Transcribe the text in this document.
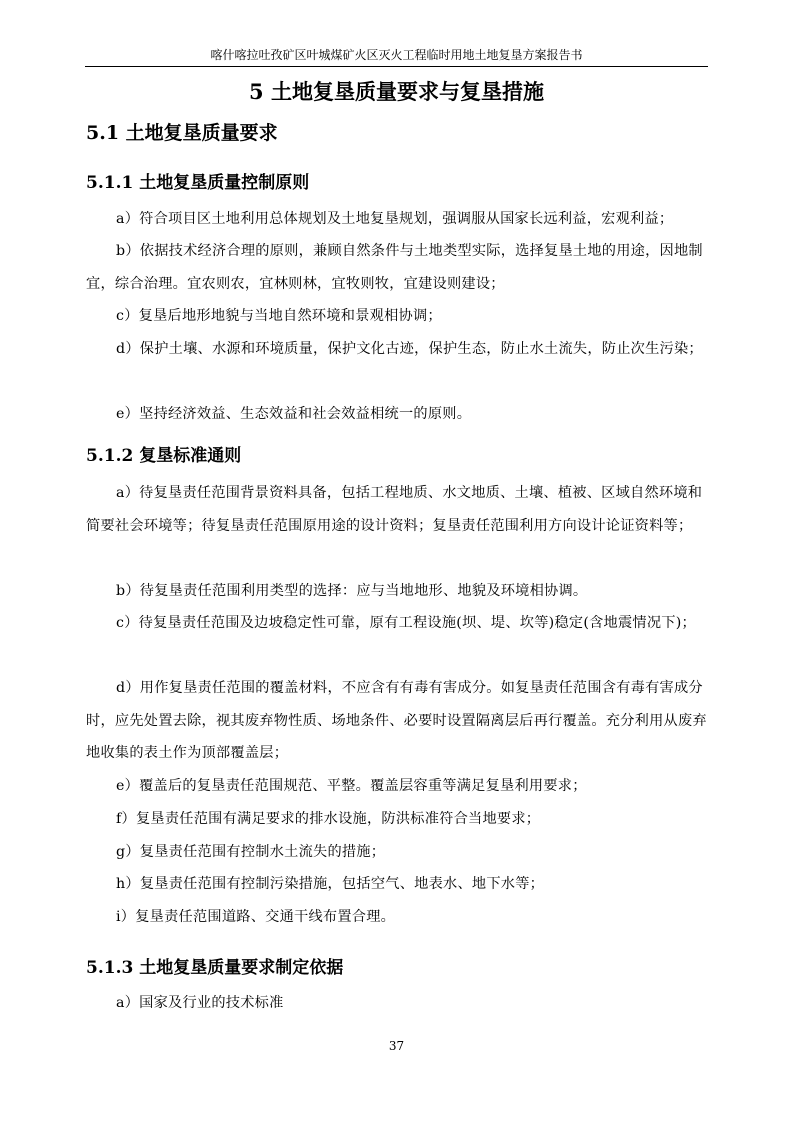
喀什喀拉吐孜矿区叶城煤矿火区灭火工程临时用地土地复垦方案报告书
5 土地复垦质量要求与复垦措施
5.1 土地复垦质量要求
5.1.1 土地复垦质量控制原则
a）符合项目区土地利用总体规划及土地复垦规划，强调服从国家长远利益，宏观利益；
b）依据技术经济合理的原则，兼顾自然条件与土地类型实际，选择复垦土地的用途，因地制宜，综合治理。宜农则农，宜林则林，宜牧则牧，宜建设则建设；
c）复垦后地形地貌与当地自然环境和景观相协调；
d）保护土壤、水源和环境质量，保护文化古迹，保护生态，防止水土流失，防止次生污染；
e）坚持经济效益、生态效益和社会效益相统一的原则。
5.1.2 复垦标准通则
a）待复垦责任范围背景资料具备，包括工程地质、水文地质、土壤、植被、区域自然环境和简要社会环境等；待复垦责任范围原用途的设计资料；复垦责任范围利用方向设计论证资料等；
b）待复垦责任范围利用类型的选择：应与当地地形、地貌及环境相协调。
c）待复垦责任范围及边坡稳定性可靠，原有工程设施(坝、堤、坎等)稳定(含地震情况下)；
d）用作复垦责任范围的覆盖材料，不应含有有毒有害成分。如复垦责任范围含有毒有害成分时，应先处置去除，视其废弃物性质、场地条件、必要时设置隔离层后再行覆盖。充分利用从废弃地收集的表土作为顶部覆盖层；
e）覆盖后的复垦责任范围规范、平整。覆盖层容重等满足复垦利用要求；
f）复垦责任范围有满足要求的排水设施，防洪标准符合当地要求；
g）复垦责任范围有控制水土流失的措施；
h）复垦责任范围有控制污染措施，包括空气、地表水、地下水等；
i）复垦责任范围道路、交通干线布置合理。
5.1.3 土地复垦质量要求制定依据
a）国家及行业的技术标准
37
